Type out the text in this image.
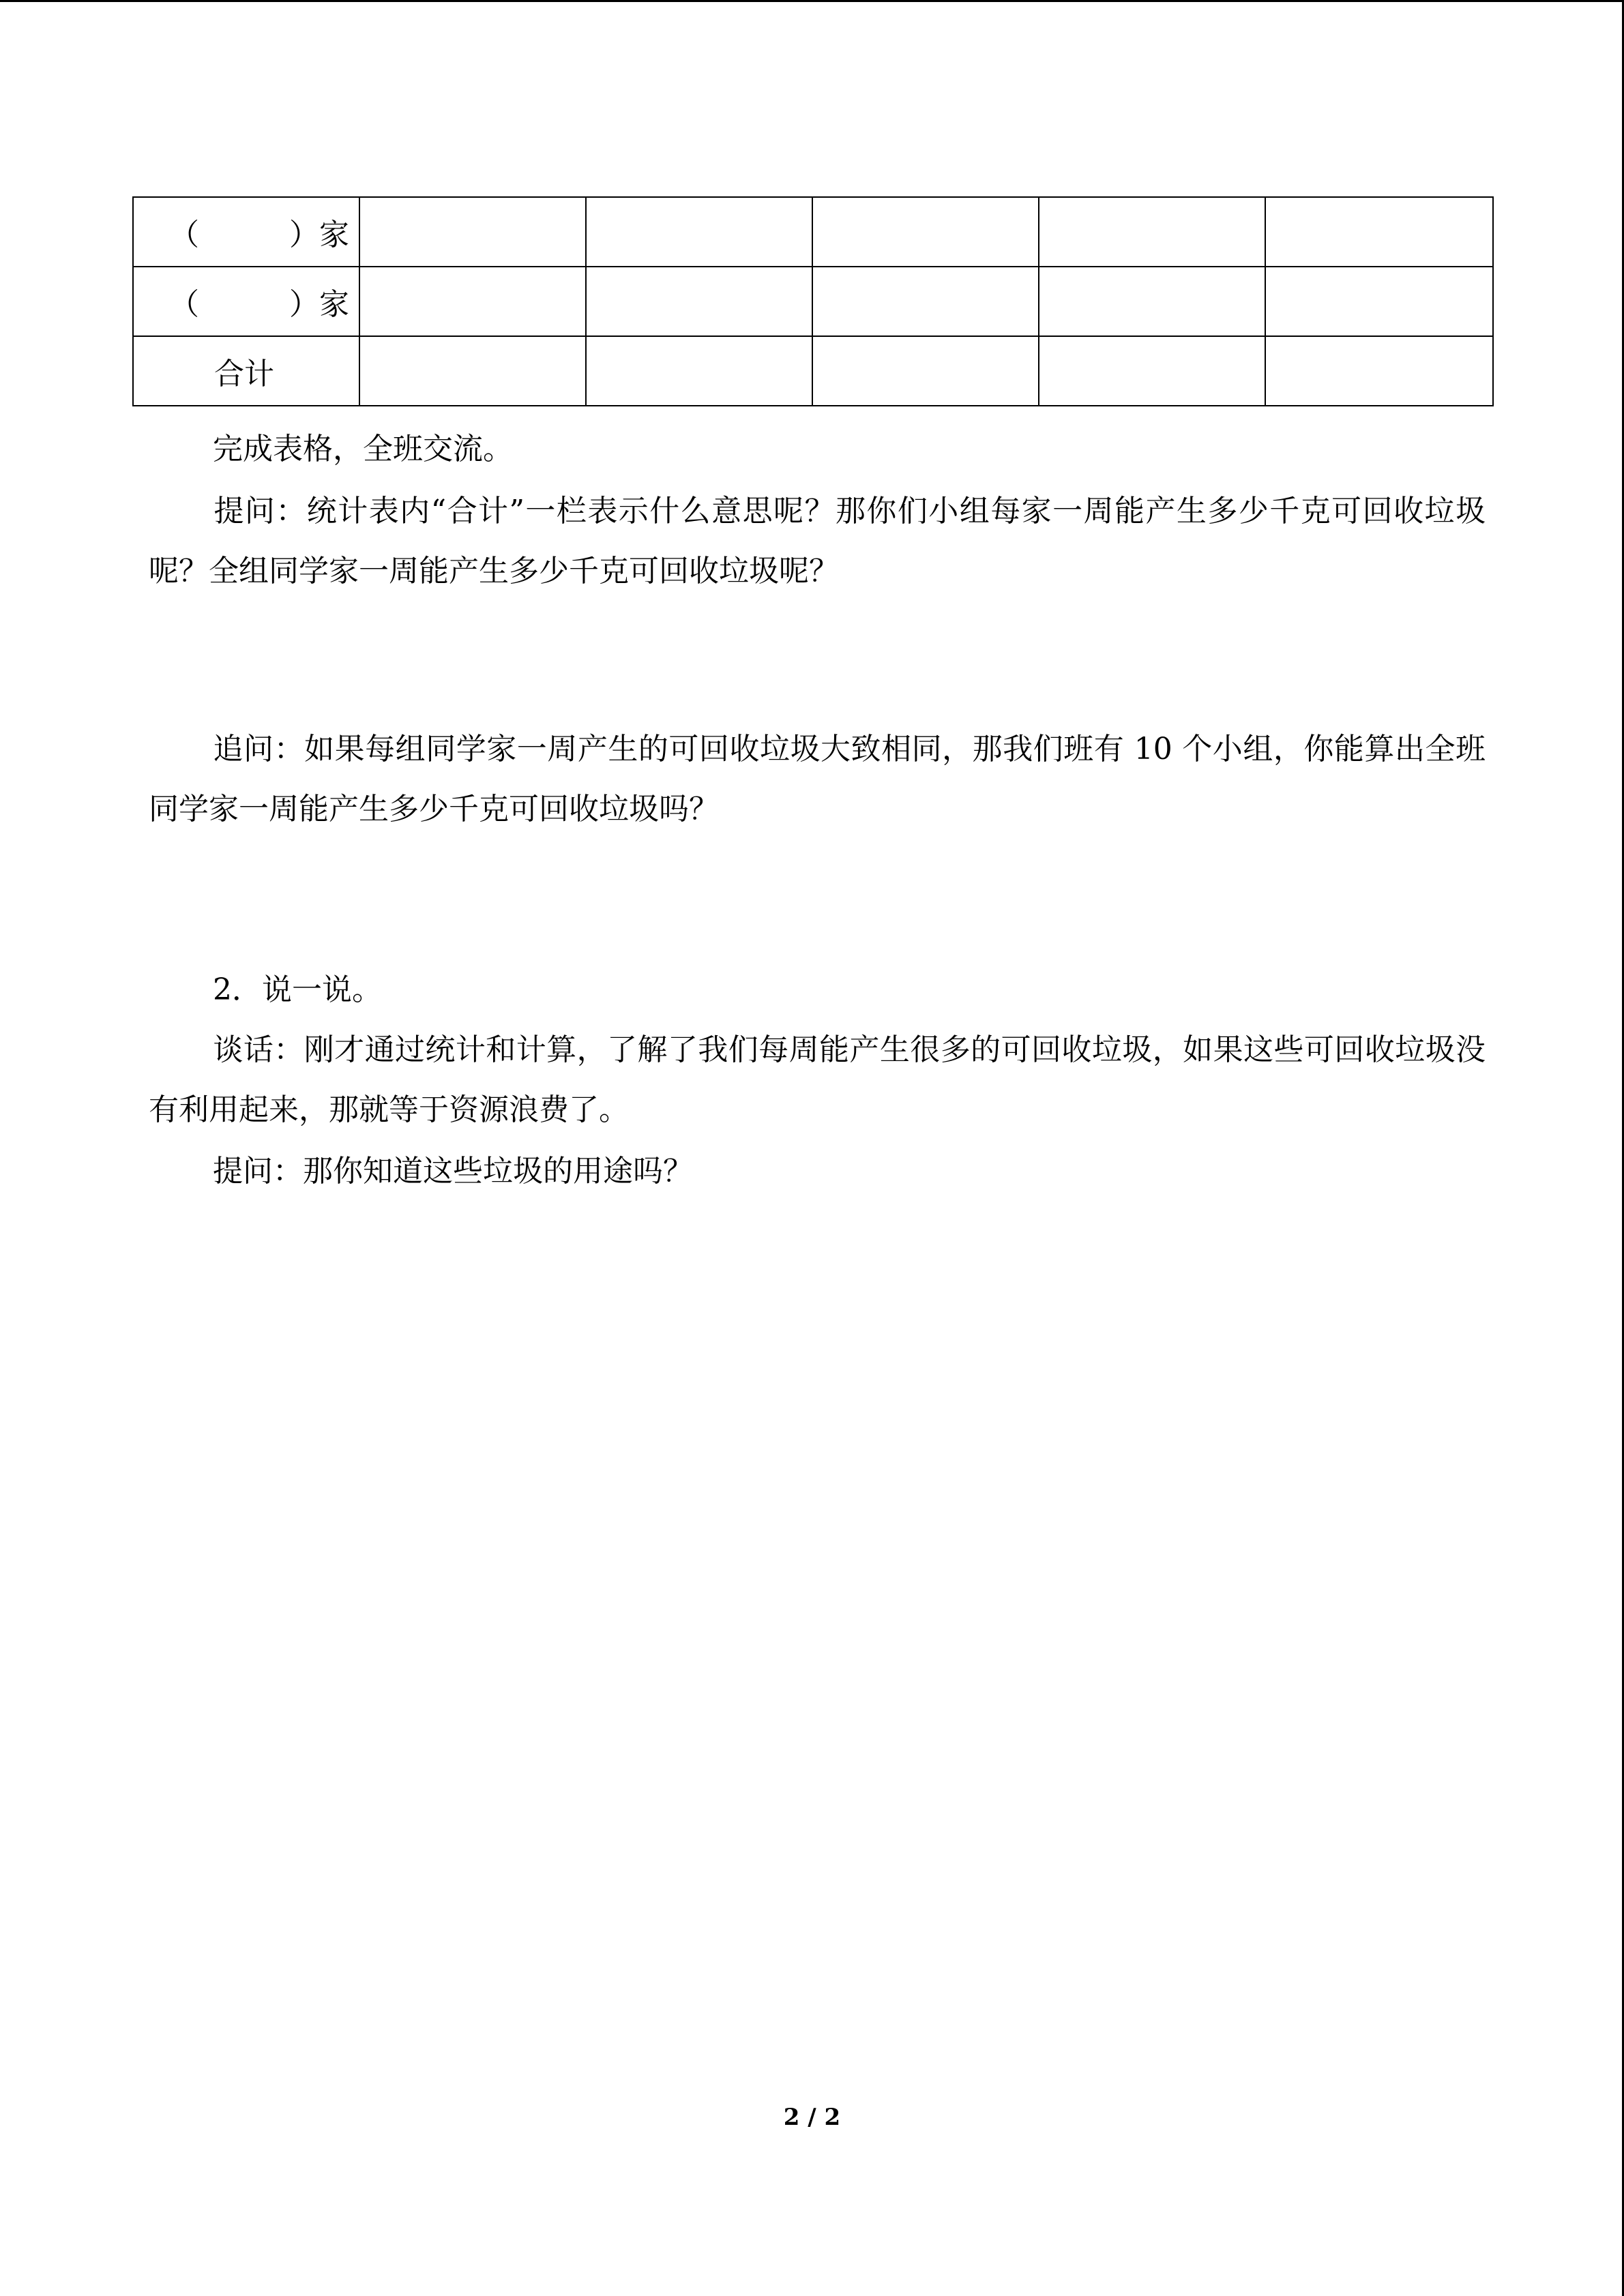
（　　　）家					
（　　　）家					
合计					

完成表格，全班交流。

提问：统计表内“合计”一栏表示什么意思呢？那你们小组每家一周能产生多少千克可回收垃圾呢？全组同学家一周能产生多少千克可回收垃圾呢？

追问：如果每组同学家一周产生的可回收垃圾大致相同，那我们班有 10 个小组，你能算出全班同学家一周能产生多少千克可回收垃圾吗？

2．说一说。

谈话：刚才通过统计和计算，了解了我们每周能产生很多的可回收垃圾，如果这些可回收垃圾没有利用起来，那就等于资源浪费了。

提问：那你知道这些垃圾的用途吗？

2 / 2
